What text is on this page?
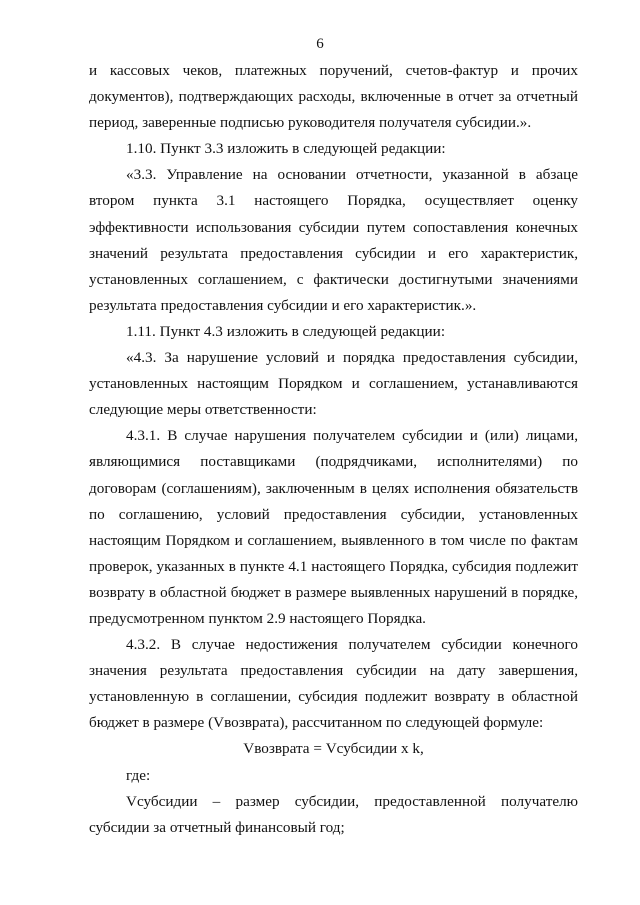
6

и кассовых чеков, платежных поручений, счетов-фактур и прочих документов), подтверждающих расходы, включенные в отчет за отчетный период, заверенные подписью руководителя получателя субсидии.».

1.10. Пункт 3.3 изложить в следующей редакции:

«3.3. Управление на основании отчетности, указанной в абзаце втором пункта 3.1 настоящего Порядка, осуществляет оценку эффективности использования субсидии путем сопоставления конечных значений результата предоставления субсидии и его характеристик, установленных соглашением, с фактически достигнутыми значениями результата предоставления субсидии и его характеристик.».

1.11. Пункт 4.3 изложить в следующей редакции:

«4.3. За нарушение условий и порядка предоставления субсидии, установленных настоящим Порядком и соглашением, устанавливаются следующие меры ответственности:

4.3.1. В случае нарушения получателем субсидии и (или) лицами, являющимися поставщиками (подрядчиками, исполнителями) по договорам (соглашениям), заключенным в целях исполнения обязательств по соглашению, условий предоставления субсидии, установленных настоящим Порядком и соглашением, выявленного в том числе по фактам проверок, указанных в пункте 4.1 настоящего Порядка, субсидия подлежит возврату в областной бюджет в размере выявленных нарушений в порядке, предусмотренном пунктом 2.9 настоящего Порядка.

4.3.2. В случае недостижения получателем субсидии конечного значения результата предоставления субсидии на дату завершения, установленную в соглашении, субсидия подлежит возврату в областной бюджет в размере (Vвозврата), рассчитанном по следующей формуле:

Vвозврата = Vсубсидии x k,

где:

Vсубсидии – размер субсидии, предоставленной получателю субсидии за отчетный финансовый год;
